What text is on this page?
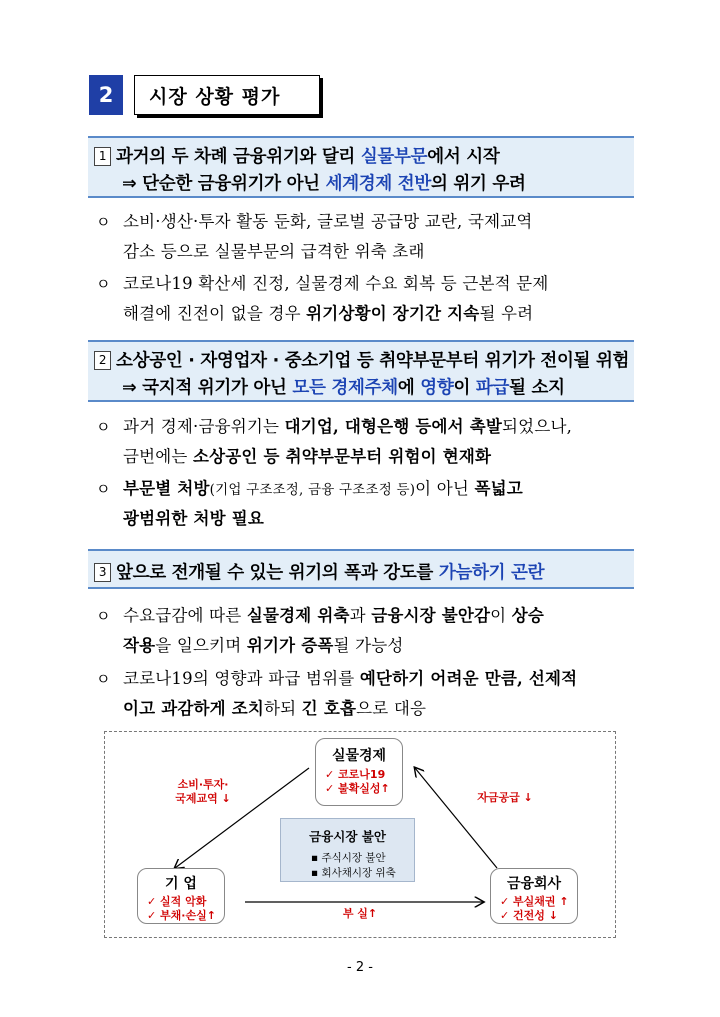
2	시장 상황 평가
1 과거의 두 차례 금융위기와 달리 실물부문에서 시작
⇒ 단순한 금융위기가 아닌 세계경제 전반의 위기 우려
ㅇ 소비·생산·투자 활동 둔화, 글로벌 공급망 교란, 국제교역
감소 등으로 실물부문의 급격한 위축 초래
ㅇ 코로나19 확산세 진정, 실물경제 수요 회복 등 근본적 문제
해결에 진전이 없을 경우 위기상황이 장기간 지속될 우려
2 소상공인 · 자영업자 · 중소기업 등 취약부문부터 위기가 전이될 위험
⇒ 국지적 위기가 아닌 모든 경제주체에 영향이 파급될 소지
ㅇ 과거 경제·금융위기는 대기업, 대형은행 등에서 촉발되었으나,
금번에는 소상공인 등 취약부문부터 위험이 현재화
ㅇ 부문별 처방(기업 구조조정, 금융 구조조정 등)이 아닌 폭넓고
광범위한 처방 필요
3 앞으로 전개될 수 있는 위기의 폭과 강도를 가늠하기 곤란
ㅇ 수요급감에 따른 실물경제 위축과 금융시장 불안감이 상승
작용을 일으키며 위기가 증폭될 가능성
ㅇ 코로나19의 영향과 파급 범위를 예단하기 어려운 만큼, 선제적
이고 과감하게 조치하되 긴 호흡으로 대응
실물경제
✓ 코로나19
✓ 불확실성↑
기 업
✓ 실적 악화
✓ 부채·손실↑
금융회사
✓ 부실채권 ↑
✓ 건전성 ↓
금융시장 불안
▪ 주식시장 불안
▪ 회사채시장 위축
소비·투자·
국제교역 ↓	자금공급 ↓
부 실↑
- 2 -
